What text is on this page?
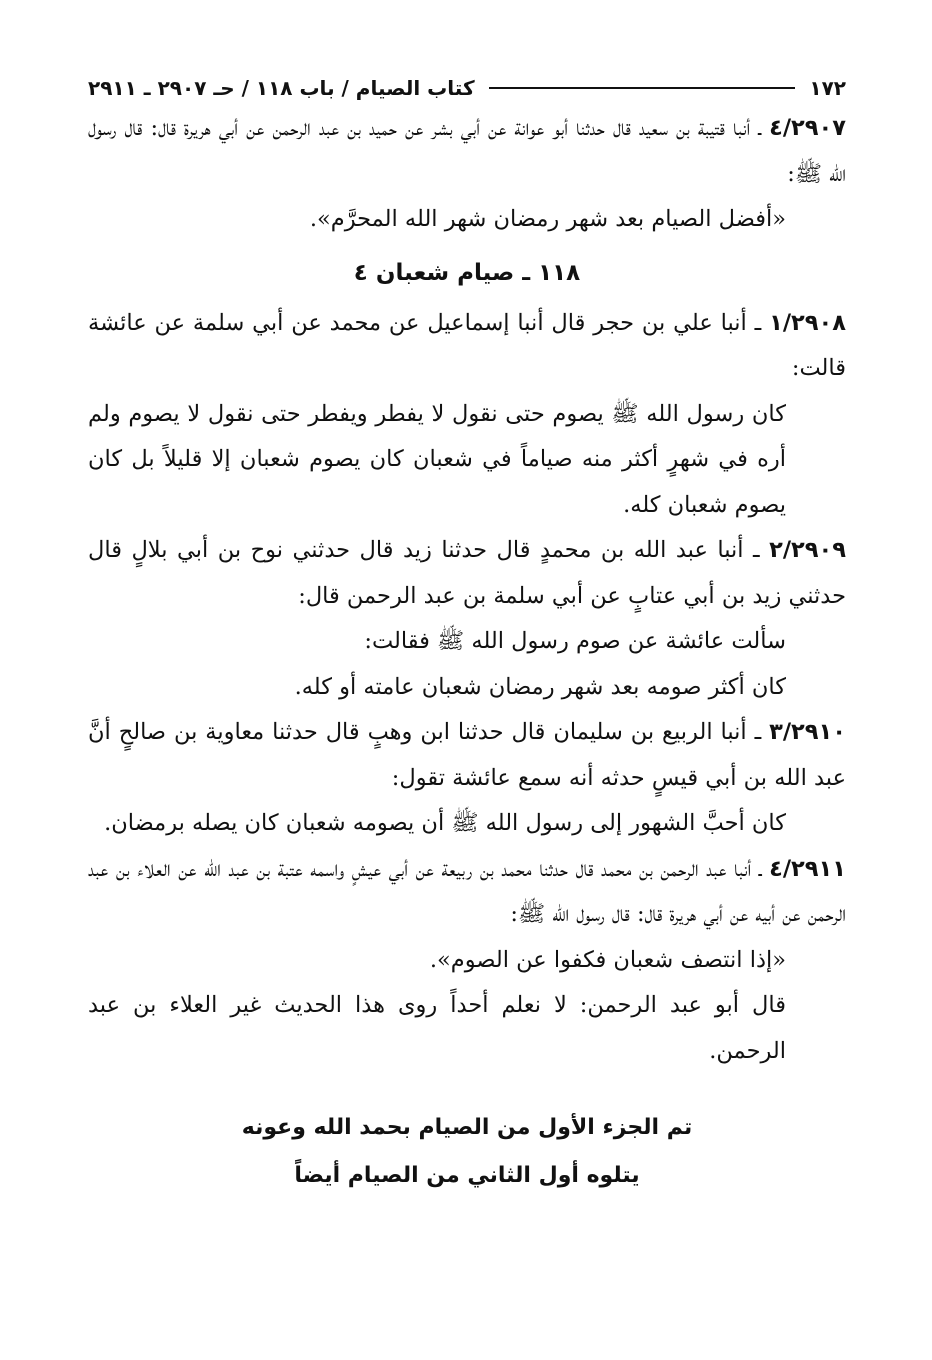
١٧٢
كتاب الصيام / باب ١١٨ / حـ ٢٩٠٧ ـ ٢٩١١

٤/٢٩٠٧ ـ أنبا قتيبة بن سعيد قال حدثنا أبو عوانة عن أبي بشر عن حميد بن عبد الرحمن عن أبي هريرة قال: قال رسول الله ﷺ:

«أفضل الصيام بعد شهر رمضان شهر الله المحرَّم».

١١٨ ـ صيام شعبان ٤

١/٢٩٠٨ ـ أنبا علي بن حجر قال أنبا إسماعيل عن محمد عن أبي سلمة عن عائشة قالت:

كان رسول الله ﷺ يصوم حتى نقول لا يفطر ويفطر حتى نقول لا يصوم ولم أره في شهرٍ أكثر منه صياماً في شعبان كان يصوم شعبان إلا قليلاً بل كان يصوم شعبان كله.

٢/٢٩٠٩ ـ أنبا عبد الله بن محمدٍ قال حدثنا زيد قال حدثني نوح بن أبي بلالٍ قال حدثني زيد بن أبي عتابٍ عن أبي سلمة بن عبد الرحمن قال:

سألت عائشة عن صوم رسول الله ﷺ فقالت:

كان أكثر صومه بعد شهر رمضان شعبان عامته أو كله.

٣/٢٩١٠ ـ أنبا الربيع بن سليمان قال حدثنا ابن وهبٍ قال حدثنا معاوية بن صالحٍ أنَّ عبد الله بن أبي قيسٍ حدثه أنه سمع عائشة تقول:

كان أحبَّ الشهور إلى رسول الله ﷺ أن يصومه شعبان كان يصله برمضان.

٤/٢٩١١ ـ أنبا عبد الرحمن بن محمد قال حدثنا محمد بن ربيعة عن أبي عيشٍ واسمه عتبة بن عبد الله عن العلاء بن عبد الرحمن عن أبيه عن أبي هريرة قال: قال رسول الله ﷺ:

«إذا انتصف شعبان فكفوا عن الصوم».

قال أبو عبد الرحمن: لا نعلم أحداً روى هذا الحديث غير العلاء بن عبد الرحمن.

تم الجزء الأول من الصيام بحمد الله وعونه
يتلوه أول الثاني من الصيام أيضاً
